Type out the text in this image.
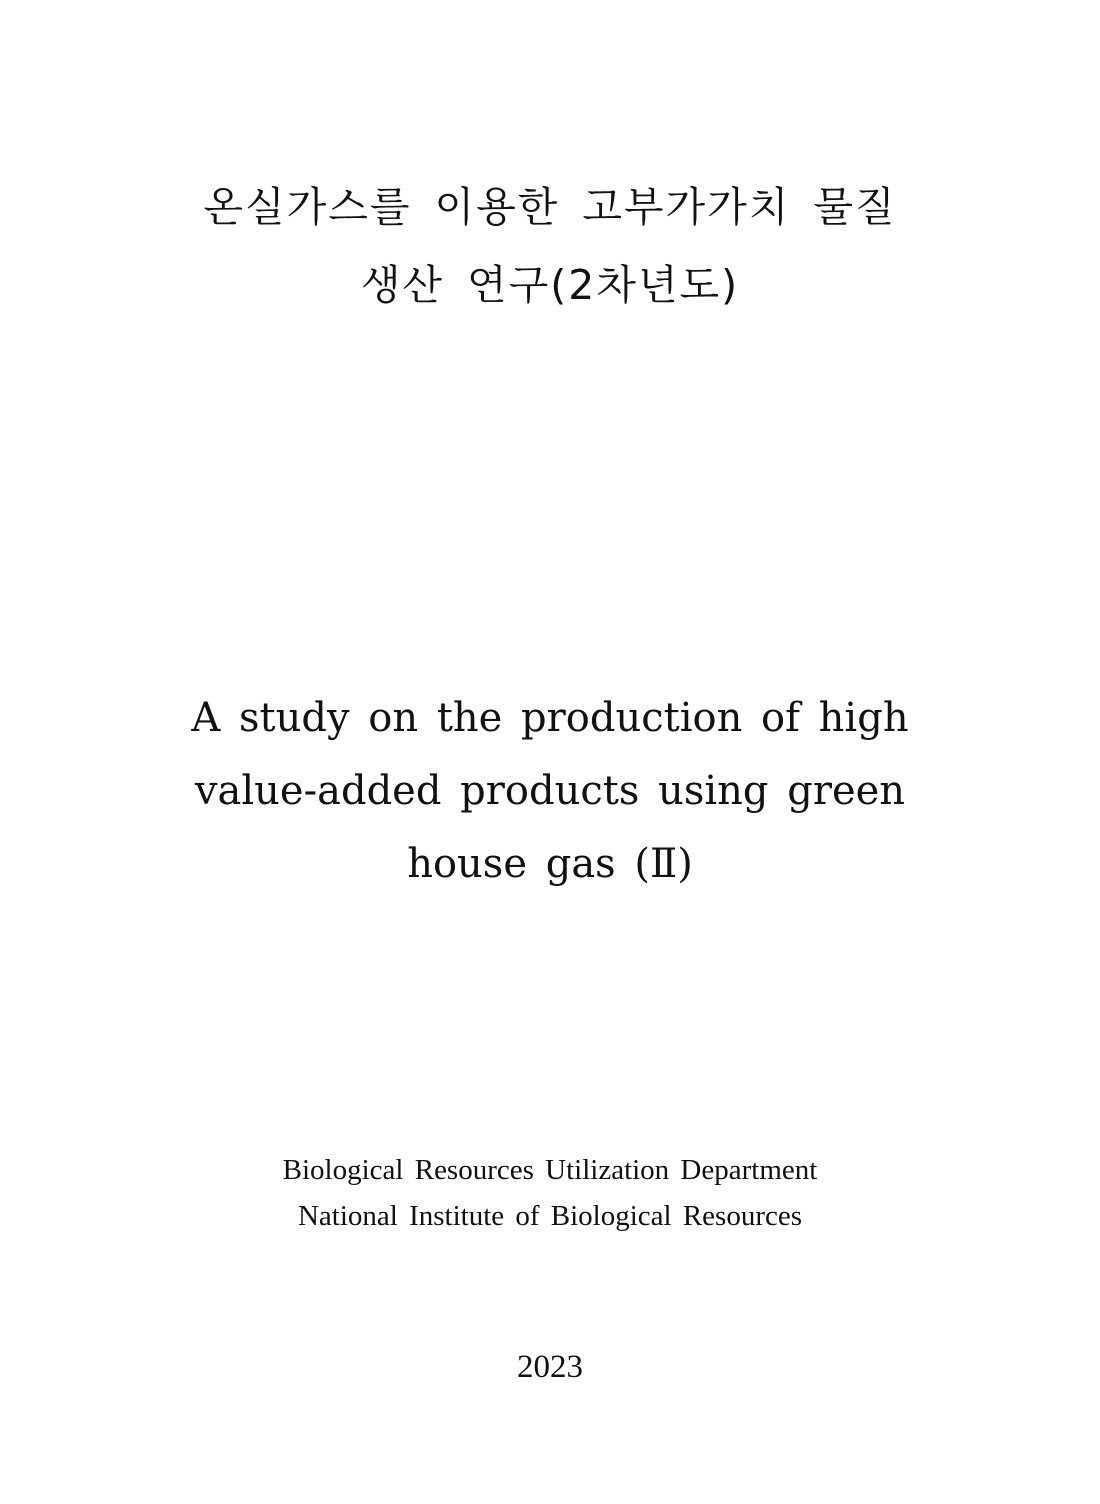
온실가스를 이용한 고부가가치 물질
생산 연구(2차년도)
A study on the production of high
value-added products using green
house gas (Ⅱ)
Biological Resources Utilization Department
National Institute of Biological Resources
2023
